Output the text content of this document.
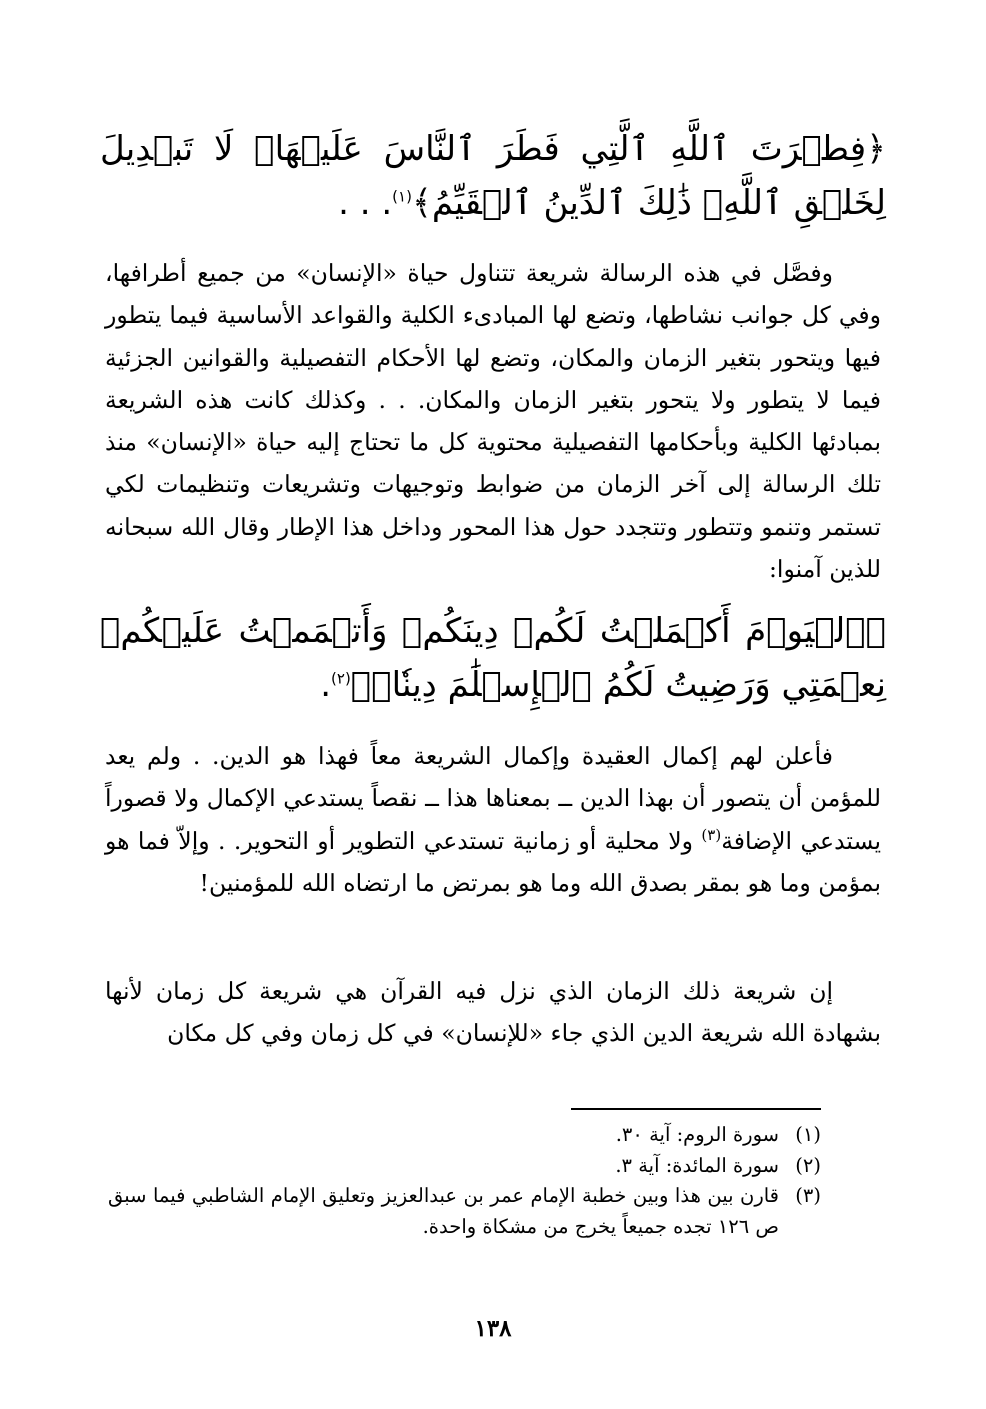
﴿فِطۡرَتَ ٱللَّهِ ٱلَّتِي فَطَرَ ٱلنَّاسَ عَلَيۡهَاۚ لَا تَبۡدِيلَ لِخَلۡقِ ٱللَّهِۚ ذَٰلِكَ ٱلدِّينُ ٱلۡقَيِّمُ﴾$^{(١)}$. . .
وفصَّل في هذه الرسالة شريعة تتناول حياة «الإنسان» من جميع أطرافها، وفي كل جوانب نشاطها، وتضع لها المبادىء الكلية والقواعد الأساسية فيما يتطور فيها ويتحور بتغير الزمان والمكان، وتضع لها الأحكام التفصيلية والقوانين الجزئية فيما لا يتطور ولا يتحور بتغير الزمان والمكان. . . وكذلك كانت هذه الشريعة بمبادئها الكلية وبأحكامها التفصيلية محتوية كل ما تحتاج إليه حياة «الإنسان» منذ تلك الرسالة إلى آخر الزمان من ضوابط وتوجيهات وتشريعات وتنظيمات لكي تستمر وتنمو وتتطور وتتجدد حول هذا المحور وداخل هذا الإطار وقال الله سبحانه للذين آمنوا:
﴿ٱلۡيَوۡمَ أَكۡمَلۡتُ لَكُمۡ دِينَكُمۡ وَأَتۡمَمۡتُ عَلَيۡكُمۡ نِعۡمَتِي وَرَضِيتُ لَكُمُ ٱلۡإِسۡلَٰمَ دِينٗاۚ﴾$^{(٢)}$.
فأعلن لهم إكمال العقيدة وإكمال الشريعة معاً فهذا هو الدين. . ولم يعد للمؤمن أن يتصور أن بهذا الدين ــ بمعناها هذا ــ نقصاً يستدعي الإكمال ولا قصوراً يستدعي الإضافة$^{(٣)}$ ولا محلية أو زمانية تستدعي التطوير أو التحوير. . وإلاّ فما هو بمؤمن وما هو بمقر بصدق الله وما هو بمرتض ما ارتضاه الله للمؤمنين!
إن شريعة ذلك الزمان الذي نزل فيه القرآن هي شريعة كل زمان لأنها بشهادة الله شريعة الدين الذي جاء «للإنسان» في كل زمان وفي كل مكان
(١)
سورة الروم: آية ٣٠.
(٢)
سورة المائدة: آية ٣.
(٣)
قارن بين هذا وبين خطبة الإمام عمر بن عبدالعزيز وتعليق الإمام الشاطبي فيما سبق ص ١٢٦ تجده جميعاً يخرج من مشكاة واحدة.
١٣٨
